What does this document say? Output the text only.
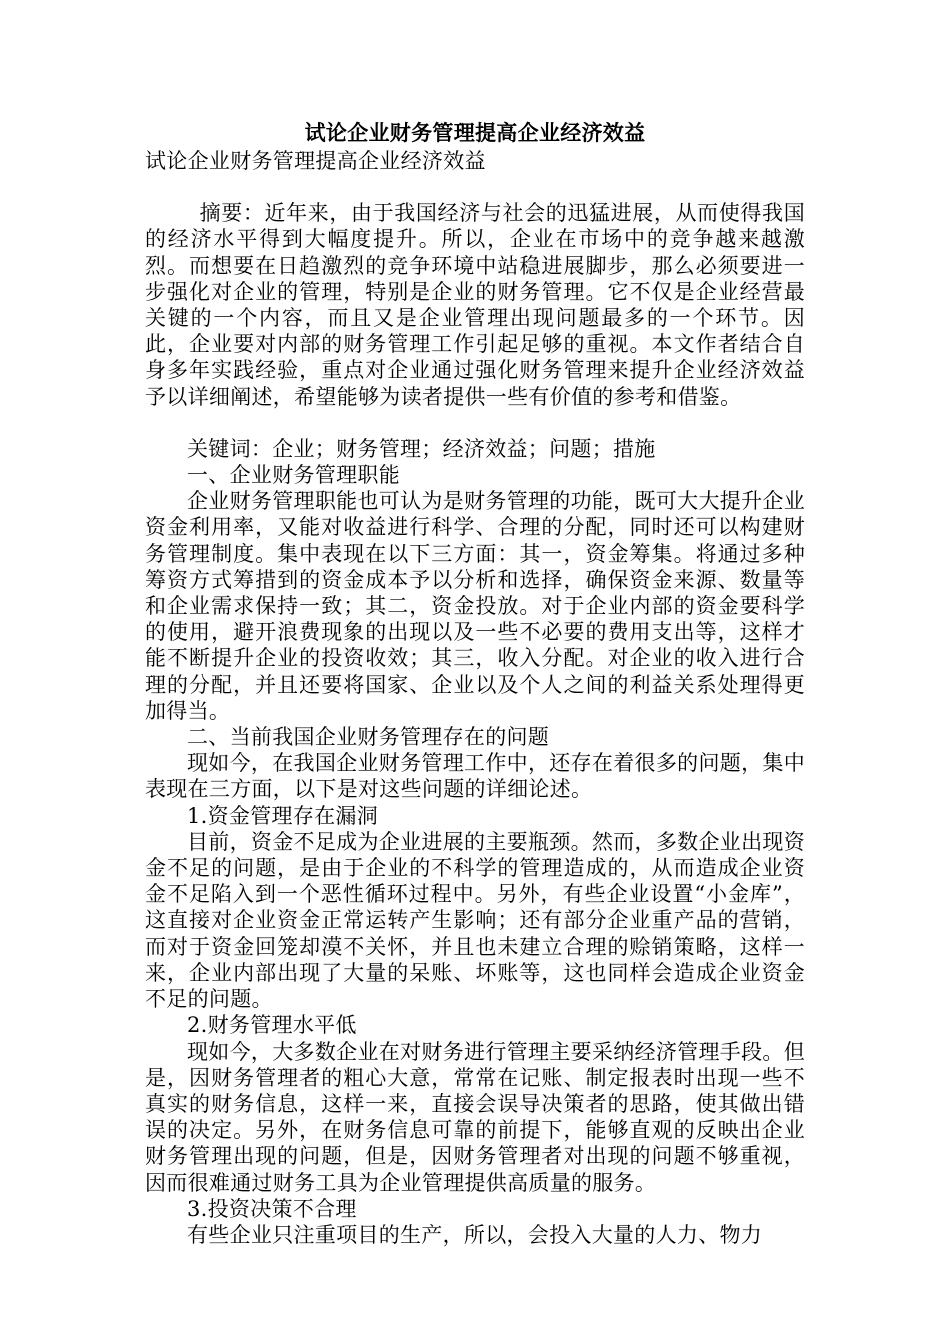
试论企业财务管理提高企业经济效益

试论企业财务管理提高企业经济效益

摘要：近年来，由于我国经济与社会的迅猛进展，从而使得我国的经济水平得到大幅度提升。所以，企业在市场中的竞争越来越激烈。而想要在日趋激烈的竞争环境中站稳进展脚步，那么必须要进一步强化对企业的管理，特别是企业的财务管理。它不仅是企业经营最关键的一个内容，而且又是企业管理出现问题最多的一个环节。因此，企业要对内部的财务管理工作引起足够的重视。本文作者结合自身多年实践经验，重点对企业通过强化财务管理来提升企业经济效益予以详细阐述，希望能够为读者提供一些有价值的参考和借鉴。

关键词：企业；财务管理；经济效益；问题；措施

一、企业财务管理职能

企业财务管理职能也可认为是财务管理的功能，既可大大提升企业资金利用率，又能对收益进行科学、合理的分配，同时还可以构建财务管理制度。集中表现在以下三方面：其一，资金筹集。将通过多种筹资方式筹措到的资金成本予以分析和选择，确保资金来源、数量等和企业需求保持一致；其二，资金投放。对于企业内部的资金要科学的使用，避开浪费现象的出现以及一些不必要的费用支出等，这样才能不断提升企业的投资收效；其三，收入分配。对企业的收入进行合理的分配，并且还要将国家、企业以及个人之间的利益关系处理得更加得当。

二、当前我国企业财务管理存在的问题

现如今，在我国企业财务管理工作中，还存在着很多的问题，集中表现在三方面，以下是对这些问题的详细论述。

1.资金管理存在漏洞

目前，资金不足成为企业进展的主要瓶颈。然而，多数企业出现资金不足的问题，是由于企业的不科学的管理造成的，从而造成企业资金不足陷入到一个恶性循环过程中。另外，有些企业设置“小金库”，这直接对企业资金正常运转产生影响；还有部分企业重产品的营销，而对于资金回笼却漠不关怀，并且也未建立合理的赊销策略，这样一来，企业内部出现了大量的呆账、坏账等，这也同样会造成企业资金不足的问题。

2.财务管理水平低

现如今，大多数企业在对财务进行管理主要采纳经济管理手段。但是，因财务管理者的粗心大意，常常在记账、制定报表时出现一些不真实的财务信息，这样一来，直接会误导决策者的思路，使其做出错误的决定。另外，在财务信息可靠的前提下，能够直观的反映出企业财务管理出现的问题，但是，因财务管理者对出现的问题不够重视，因而很难通过财务工具为企业管理提供高质量的服务。

3.投资决策不合理

有些企业只注重项目的生产，所以，会投入大量的人力、物力
